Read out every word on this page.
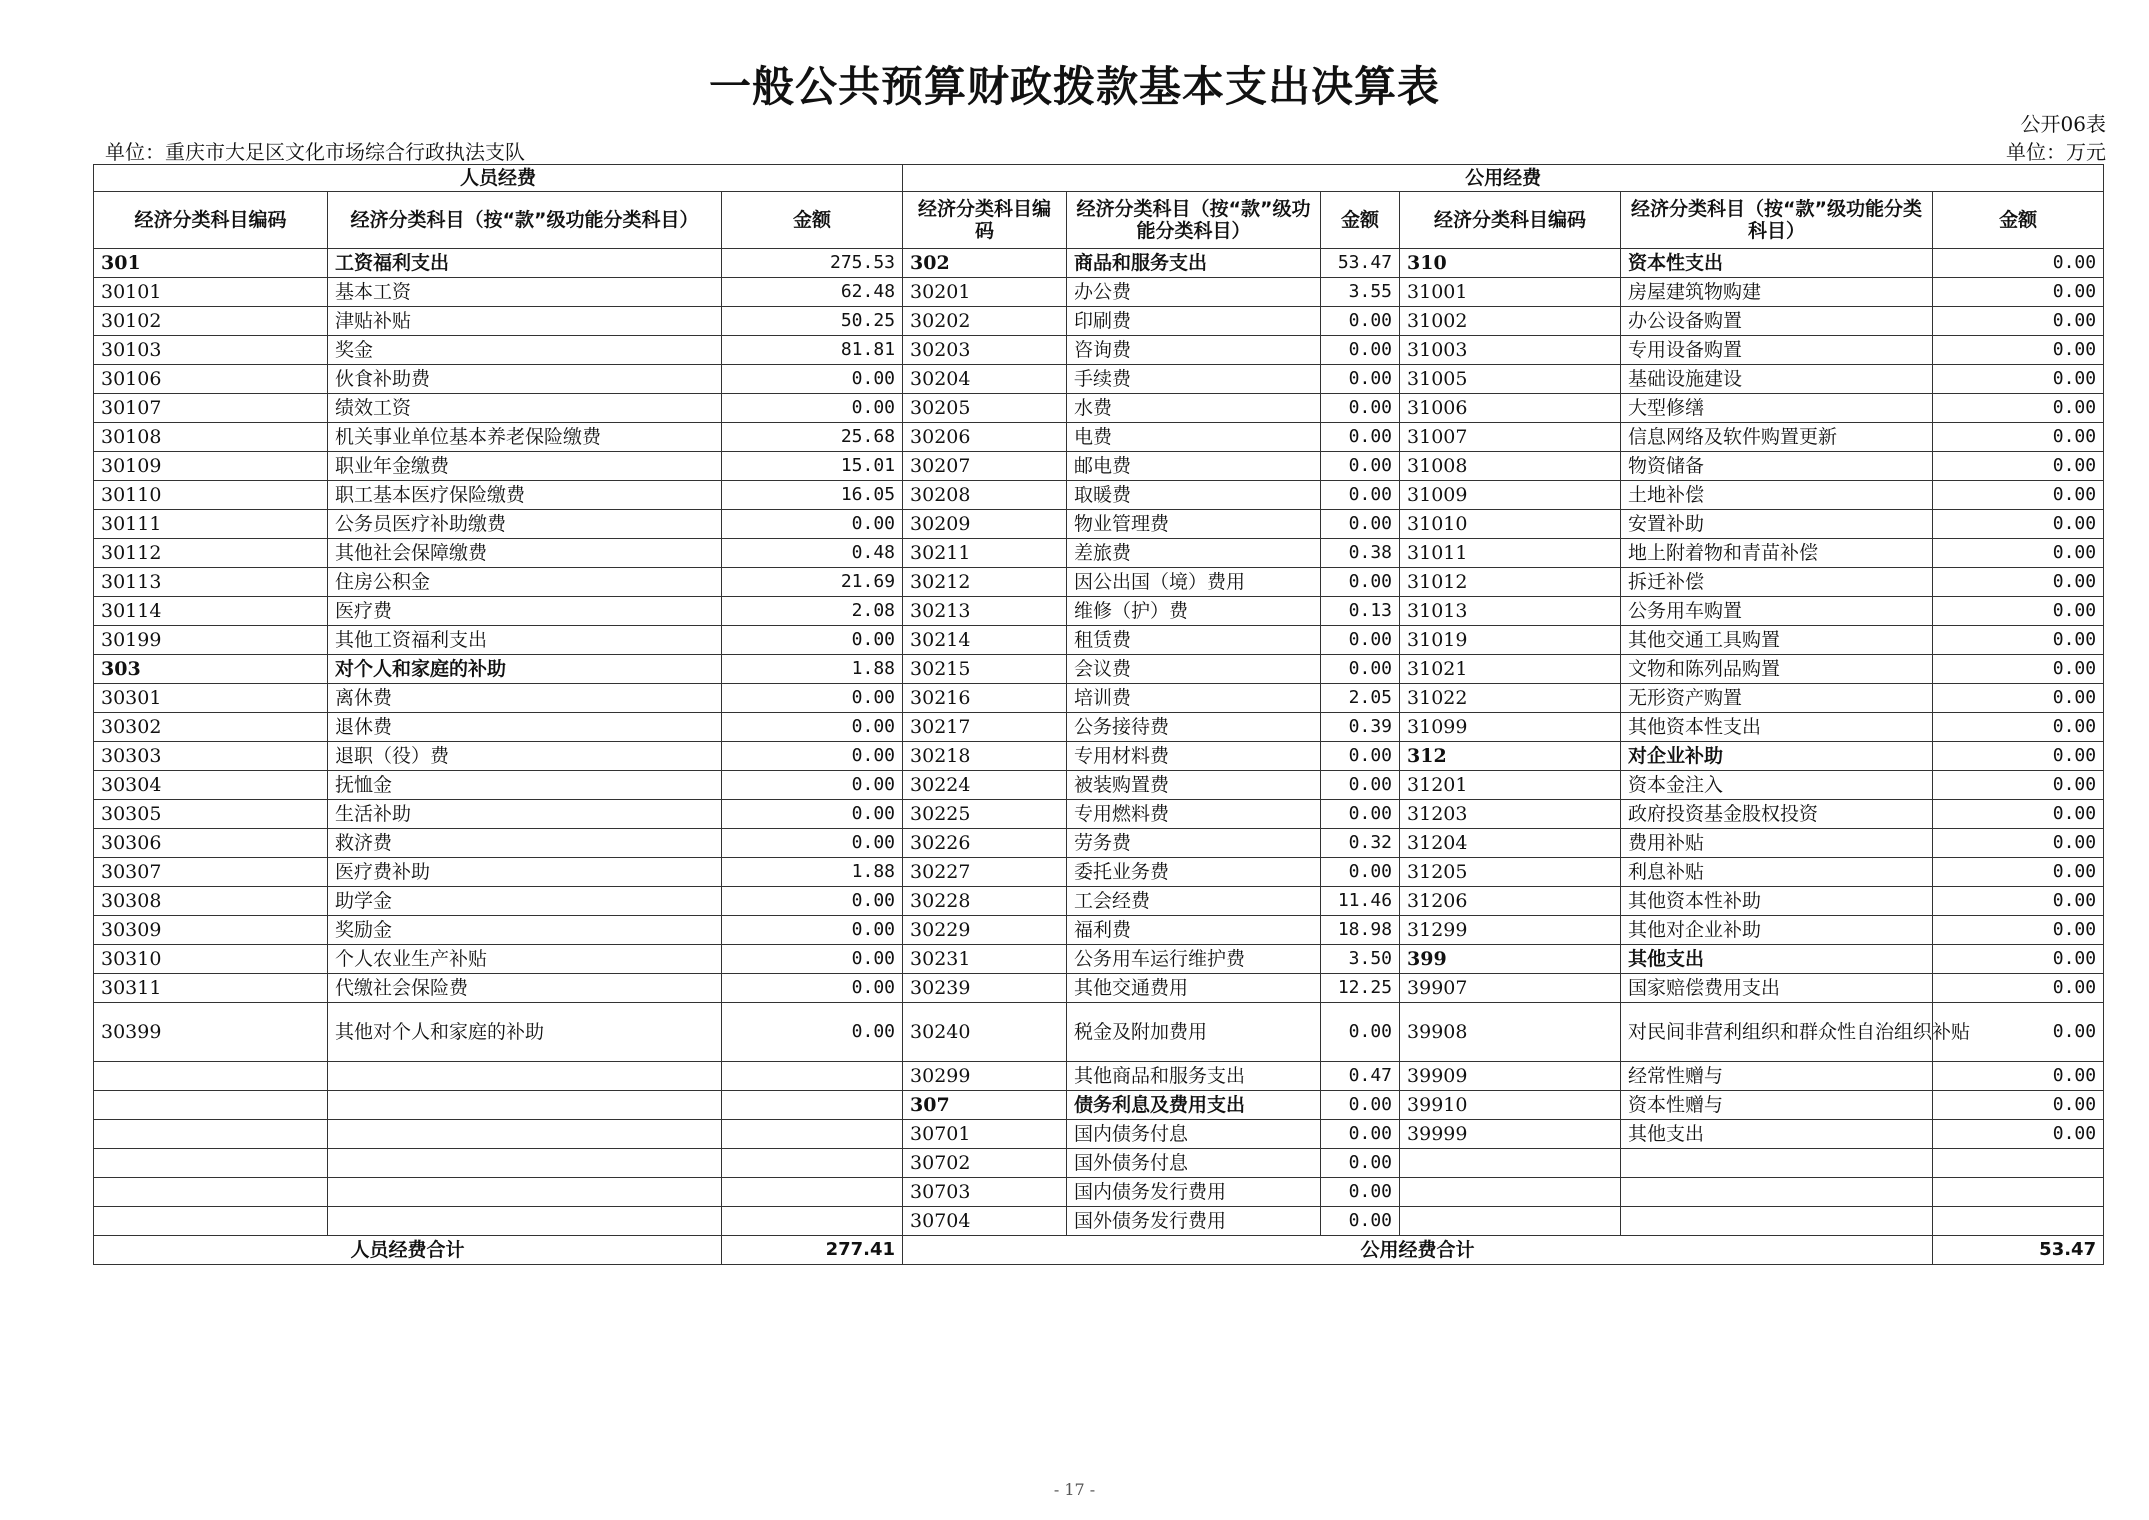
一般公共预算财政拨款基本支出决算表
公开06表
单位：重庆市大足区文化市场综合行政执法支队	单位：万元
人员经费			公用经费					
经济分类科目编码	经济分类科目（按“款”级功能分类科目）	金额	经济分类科目编码	经济分类科目（按“款”级功能分类科目）	金额	经济分类科目编码	经济分类科目（按“款”级功能分类科目）	金额
301	工资福利支出	275.53	302	商品和服务支出	53.47	310	资本性支出	0.00
30101	基本工资	62.48	30201	办公费	3.55	31001	房屋建筑物购建	0.00
30102	津贴补贴	50.25	30202	印刷费	0.00	31002	办公设备购置	0.00
30103	奖金	81.81	30203	咨询费	0.00	31003	专用设备购置	0.00
30106	伙食补助费	0.00	30204	手续费	0.00	31005	基础设施建设	0.00
30107	绩效工资	0.00	30205	水费	0.00	31006	大型修缮	0.00
30108	机关事业单位基本养老保险缴费	25.68	30206	电费	0.00	31007	信息网络及软件购置更新	0.00
30109	职业年金缴费	15.01	30207	邮电费	0.00	31008	物资储备	0.00
30110	职工基本医疗保险缴费	16.05	30208	取暖费	0.00	31009	土地补偿	0.00
30111	公务员医疗补助缴费	0.00	30209	物业管理费	0.00	31010	安置补助	0.00
30112	其他社会保障缴费	0.48	30211	差旅费	0.38	31011	地上附着物和青苗补偿	0.00
30113	住房公积金	21.69	30212	因公出国（境）费用	0.00	31012	拆迁补偿	0.00
30114	医疗费	2.08	30213	维修（护）费	0.13	31013	公务用车购置	0.00
30199	其他工资福利支出	0.00	30214	租赁费	0.00	31019	其他交通工具购置	0.00
303	对个人和家庭的补助	1.88	30215	会议费	0.00	31021	文物和陈列品购置	0.00
30301	离休费	0.00	30216	培训费	2.05	31022	无形资产购置	0.00
30302	退休费	0.00	30217	公务接待费	0.39	31099	其他资本性支出	0.00
30303	退职（役）费	0.00	30218	专用材料费	0.00	312	对企业补助	0.00
30304	抚恤金	0.00	30224	被装购置费	0.00	31201	资本金注入	0.00
30305	生活补助	0.00	30225	专用燃料费	0.00	31203	政府投资基金股权投资	0.00
30306	救济费	0.00	30226	劳务费	0.32	31204	费用补贴	0.00
30307	医疗费补助	1.88	30227	委托业务费	0.00	31205	利息补贴	0.00
30308	助学金	0.00	30228	工会经费	11.46	31206	其他资本性补助	0.00
30309	奖励金	0.00	30229	福利费	18.98	31299	其他对企业补助	0.00
30310	个人农业生产补贴	0.00	30231	公务用车运行维护费	3.50	399	其他支出	0.00
30311	代缴社会保险费	0.00	30239	其他交通费用	12.25	39907	国家赔偿费用支出	0.00
30399	其他对个人和家庭的补助	0.00	30240	税金及附加费用	0.00	39908	对民间非营利组织和群众性自治组织补贴	0.00
			30299	其他商品和服务支出	0.47	39909	经常性赠与	0.00
			307	债务利息及费用支出	0.00	39910	资本性赠与	0.00
			30701	国内债务付息	0.00	39999	其他支出	0.00
			30702	国外债务付息	0.00			
			30703	国内债务发行费用	0.00			
			30704	国外债务发行费用	0.00			
人员经费合计		277.41	公用经费合计					53.47
- 17 -
